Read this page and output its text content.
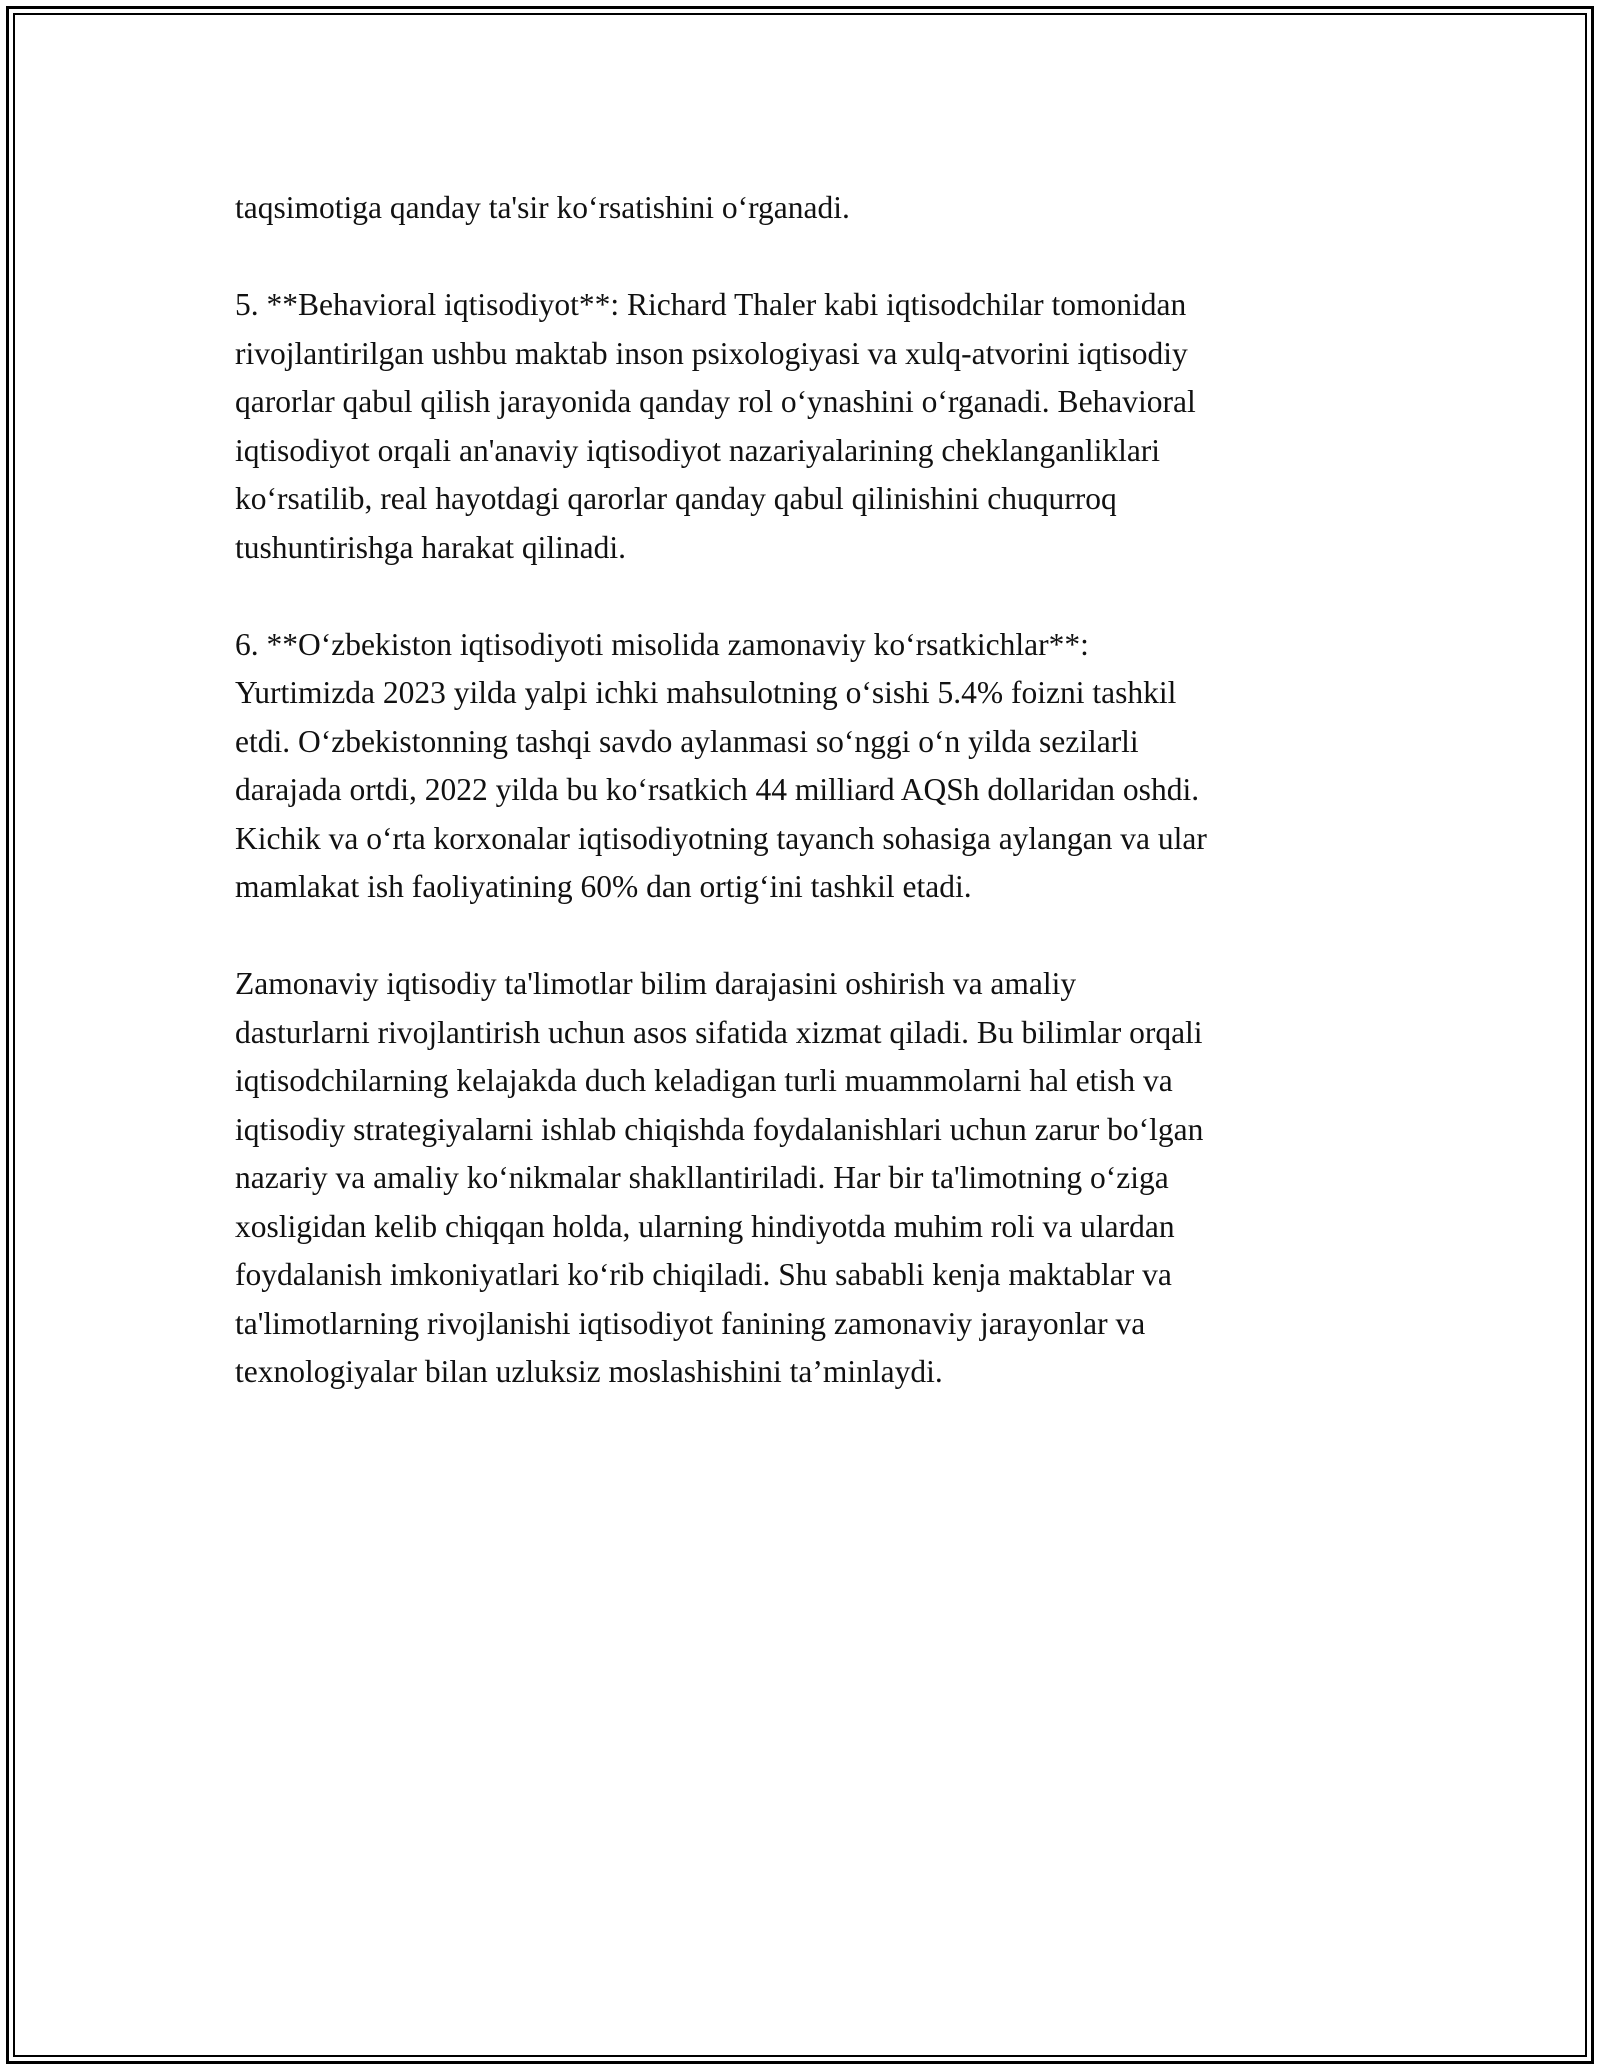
taqsimotiga qanday ta'sir ko‘rsatishini o‘rganadi.

5. **Behavioral iqtisodiyot**: Richard Thaler kabi iqtisodchilar tomonidan
rivojlantirilgan ushbu maktab inson psixologiyasi va xulq-atvorini iqtisodiy
qarorlar qabul qilish jarayonida qanday rol o‘ynashini o‘rganadi. Behavioral
iqtisodiyot orqali an'anaviy iqtisodiyot nazariyalarining cheklanganliklari
ko‘rsatilib, real hayotdagi qarorlar qanday qabul qilinishini chuqurroq
tushuntirishga harakat qilinadi.

6. **O‘zbekiston iqtisodiyoti misolida zamonaviy ko‘rsatkichlar**:
Yurtimizda 2023 yilda yalpi ichki mahsulotning o‘sishi 5.4% foizni tashkil
etdi. O‘zbekistonning tashqi savdo aylanmasi so‘nggi o‘n yilda sezilarli
darajada ortdi, 2022 yilda bu ko‘rsatkich 44 milliard AQSh dollaridan oshdi.
Kichik va o‘rta korxonalar iqtisodiyotning tayanch sohasiga aylangan va ular
mamlakat ish faoliyatining 60% dan ortig‘ini tashkil etadi.

Zamonaviy iqtisodiy ta'limotlar bilim darajasini oshirish va amaliy
dasturlarni rivojlantirish uchun asos sifatida xizmat qiladi. Bu bilimlar orqali
iqtisodchilarning kelajakda duch keladigan turli muammolarni hal etish va
iqtisodiy strategiyalarni ishlab chiqishda foydalanishlari uchun zarur bo‘lgan
nazariy va amaliy ko‘nikmalar shakllantiriladi. Har bir ta'limotning o‘ziga
xosligidan kelib chiqqan holda, ularning hindiyotda muhim roli va ulardan
foydalanish imkoniyatlari ko‘rib chiqiladi. Shu sababli kenja maktablar va
ta'limotlarning rivojlanishi iqtisodiyot fanining zamonaviy jarayonlar va
texnologiyalar bilan uzluksiz moslashishini ta’minlaydi.
